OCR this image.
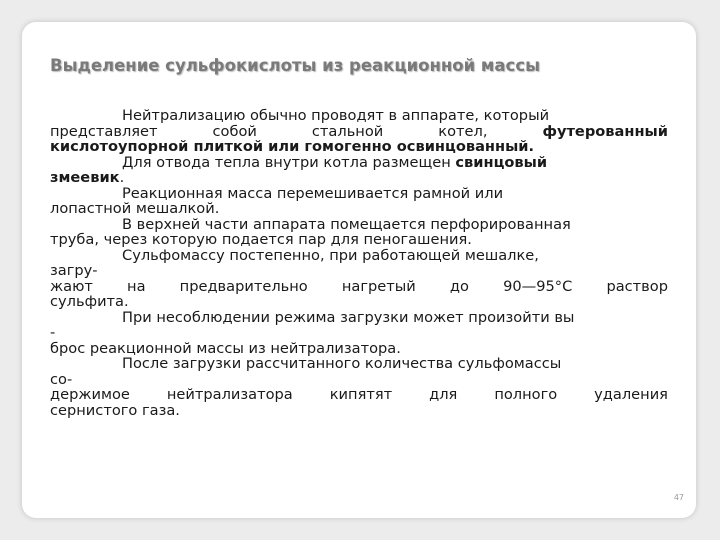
Выделение сульфокислоты из реакционной массы
Нейтрализацию обычно проводят в аппарате, который
представляет	собой	стальной	котел,	футерованный
кислотоупорной плиткой или гомогенно освинцованный.
Для отвода тепла внутри котла размещен свинцовый
змеевик.
Реакционная масса перемешивается рамной или
лопастной мешалкой.
В верхней части аппарата помещается перфорированная
труба, через которую подается пар для пеногашения.
Сульфомассу постепенно, при работающей мешалке,
загру-
жают на предварительно нагретый до 90—95°С раствор
сульфита.
При несоблюдении режима загрузки может произойти вы
-
брос реакционной массы из нейтрализатора.
После загрузки рассчитанного количества сульфомассы
со-
держимое	нейтрализатора	кипятят	для	полного	удаления
сернистого газа.
47
